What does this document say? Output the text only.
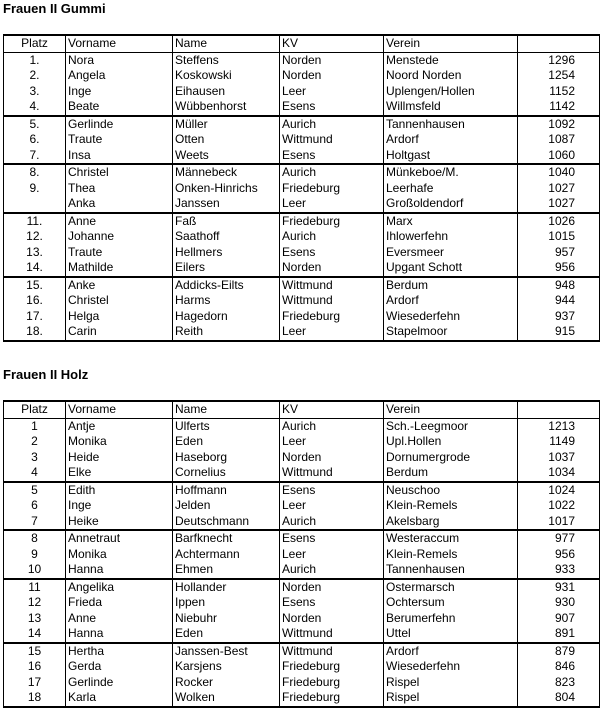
Frauen II Gummi
Platz	Vorname	Name	KV	Verein	
1.	Nora	Steffens	Norden	Menstede	1296
2.	Angela	Koskowski	Norden	Noord Norden	1254
3.	Inge	Eihausen	Leer	Uplengen/Hollen	1152
4.	Beate	Wübbenhorst	Esens	Willmsfeld	1142
5.	Gerlinde	Müller	Aurich	Tannenhausen	1092
6.	Traute	Otten	Wittmund	Ardorf	1087
7.	Insa	Weets	Esens	Holtgast	1060
8.	Christel	Männebeck	Aurich	Münkeboe/M.	1040
9.	Thea	Onken-Hinrichs	Friedeburg	Leerhafe	1027
	Anka	Janssen	Leer	Großoldendorf	1027
11.	Anne	Faß	Friedeburg	Marx	1026
12.	Johanne	Saathoff	Aurich	Ihlowerfehn	1015
13.	Traute	Hellmers	Esens	Eversmeer	957
14.	Mathilde	Eilers	Norden	Upgant Schott	956
15.	Anke	Addicks-Eilts	Wittmund	Berdum	948
16.	Christel	Harms	Wittmund	Ardorf	944
17.	Helga	Hagedorn	Friedeburg	Wiesederfehn	937
18.	Carin	Reith	Leer	Stapelmoor	915
Frauen II Holz
Platz	Vorname	Name	KV	Verein	
1	Antje	Ulferts	Aurich	Sch.-Leegmoor	1213
2	Monika	Eden	Leer	Upl.Hollen	1149
3	Heide	Haseborg	Norden	Dornumergrode	1037
4	Elke	Cornelius	Wittmund	Berdum	1034
5	Edith	Hoffmann	Esens	Neuschoo	1024
6	Inge	Jelden	Leer	Klein-Remels	1022
7	Heike	Deutschmann	Aurich	Akelsbarg	1017
8	Annetraut	Barfknecht	Esens	Westeraccum	977
9	Monika	Achtermann	Leer	Klein-Remels	956
10	Hanna	Ehmen	Aurich	Tannenhausen	933
11	Angelika	Hollander	Norden	Ostermarsch	931
12	Frieda	Ippen	Esens	Ochtersum	930
13	Anne	Niebuhr	Norden	Berumerfehn	907
14	Hanna	Eden	Wittmund	Uttel	891
15	Hertha	Janssen-Best	Wittmund	Ardorf	879
16	Gerda	Karsjens	Friedeburg	Wiesederfehn	846
17	Gerlinde	Rocker	Friedeburg	Rispel	823
18	Karla	Wolken	Friedeburg	Rispel	804
